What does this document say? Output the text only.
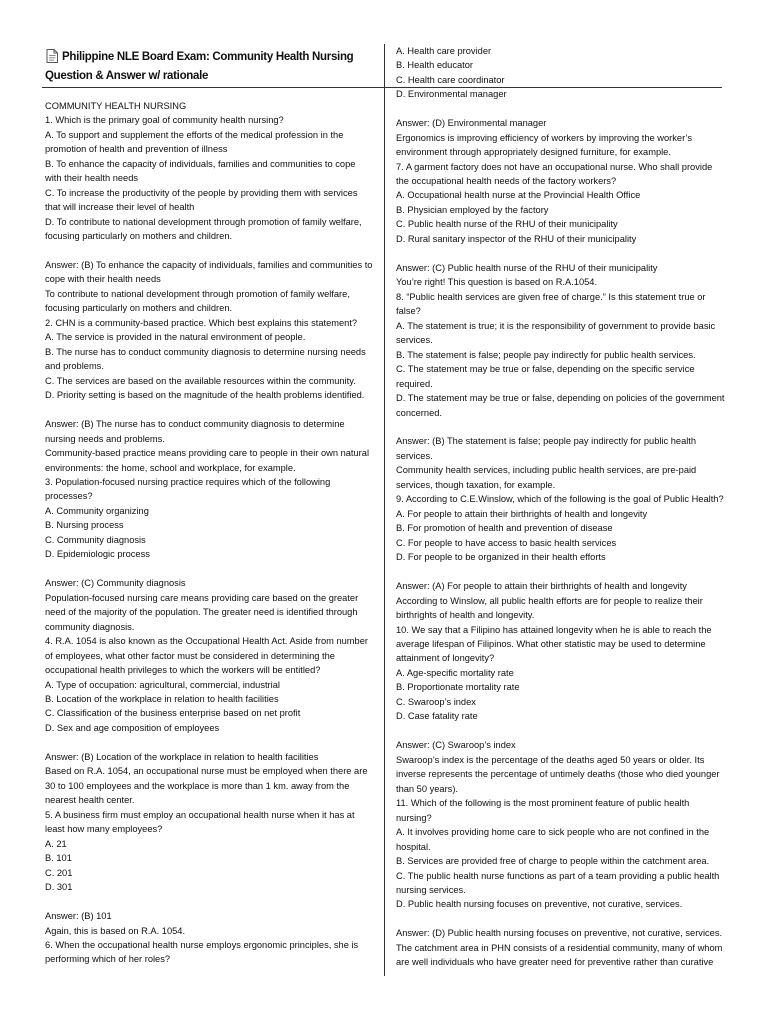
Philippine NLE Board Exam: Community Health Nursing
Question & Answer w/ rationale
COMMUNITY HEALTH NURSING
1. Which is the primary goal of community health nursing?
A. To support and supplement the efforts of the medical profession in the
promotion of health and prevention of illness
B. To enhance the capacity of individuals, families and communities to cope
with their health needs
C. To increase the productivity of the people by providing them with services
that will increase their level of health
D. To contribute to national development through promotion of family welfare,
focusing particularly on mothers and children.
Answer: (B) To enhance the capacity of individuals, families and communities to
cope with their health needs
To contribute to national development through promotion of family welfare,
focusing particularly on mothers and children.
2. CHN is a community-based practice. Which best explains this statement?
A. The service is provided in the natural environment of people.
B. The nurse has to conduct community diagnosis to determine nursing needs
and problems.
C. The services are based on the available resources within the community.
D. Priority setting is based on the magnitude of the health problems identified.
Answer: (B) The nurse has to conduct community diagnosis to determine
nursing needs and problems.
Community-based practice means providing care to people in their own natural
environments: the home, school and workplace, for example.
3. Population-focused nursing practice requires which of the following
processes?
A. Community organizing
B. Nursing process
C. Community diagnosis
D. Epidemiologic process
Answer: (C) Community diagnosis
Population-focused nursing care means providing care based on the greater
need of the majority of the population. The greater need is identified through
community diagnosis.
4. R.A. 1054 is also known as the Occupational Health Act. Aside from number
of employees, what other factor must be considered in determining the
occupational health privileges to which the workers will be entitled?
A. Type of occupation: agricultural, commercial, industrial
B. Location of the workplace in relation to health facilities
C. Classification of the business enterprise based on net profit
D. Sex and age composition of employees
Answer: (B) Location of the workplace in relation to health facilities
Based on R.A. 1054, an occupational nurse must be employed when there are
30 to 100 employees and the workplace is more than 1 km. away from the
nearest health center.
5. A business firm must employ an occupational health nurse when it has at
least how many employees?
A. 21
B. 101
C. 201
D. 301
Answer: (B) 101
Again, this is based on R.A. 1054.
6. When the occupational health nurse employs ergonomic principles, she is
performing which of her roles?
A. Health care provider
B. Health educator
C. Health care coordinator
D. Environmental manager
Answer: (D) Environmental manager
Ergonomics is improving efficiency of workers by improving the worker’s
environment through appropriately designed furniture, for example.
7. A garment factory does not have an occupational nurse. Who shall provide
the occupational health needs of the factory workers?
A. Occupational health nurse at the Provincial Health Office
B. Physician employed by the factory
C. Public health nurse of the RHU of their municipality
D. Rural sanitary inspector of the RHU of their municipality
Answer: (C) Public health nurse of the RHU of their municipality
You’re right! This question is based on R.A.1054.
8. “Public health services are given free of charge.” Is this statement true or
false?
A. The statement is true; it is the responsibility of government to provide basic
services.
B. The statement is false; people pay indirectly for public health services.
C. The statement may be true or false, depending on the specific service
required.
D. The statement may be true or false, depending on policies of the government
concerned.
Answer: (B) The statement is false; people pay indirectly for public health
services.
Community health services, including public health services, are pre-paid
services, though taxation, for example.
9. According to C.E.Winslow, which of the following is the goal of Public Health?
A. For people to attain their birthrights of health and longevity
B. For promotion of health and prevention of disease
C. For people to have access to basic health services
D. For people to be organized in their health efforts
Answer: (A) For people to attain their birthrights of health and longevity
According to Winslow, all public health efforts are for people to realize their
birthrights of health and longevity.
10. We say that a Filipino has attained longevity when he is able to reach the
average lifespan of Filipinos. What other statistic may be used to determine
attainment of longevity?
A. Age-specific mortality rate
B. Proportionate mortality rate
C. Swaroop’s index
D. Case fatality rate
Answer: (C) Swaroop’s index
Swaroop’s index is the percentage of the deaths aged 50 years or older. Its
inverse represents the percentage of untimely deaths (those who died younger
than 50 years).
11. Which of the following is the most prominent feature of public health
nursing?
A. It involves providing home care to sick people who are not confined in the
hospital.
B. Services are provided free of charge to people within the catchment area.
C. The public health nurse functions as part of a team providing a public health
nursing services.
D. Public health nursing focuses on preventive, not curative, services.
Answer: (D) Public health nursing focuses on preventive, not curative, services.
The catchment area in PHN consists of a residential community, many of whom
are well individuals who have greater need for preventive rather than curative
